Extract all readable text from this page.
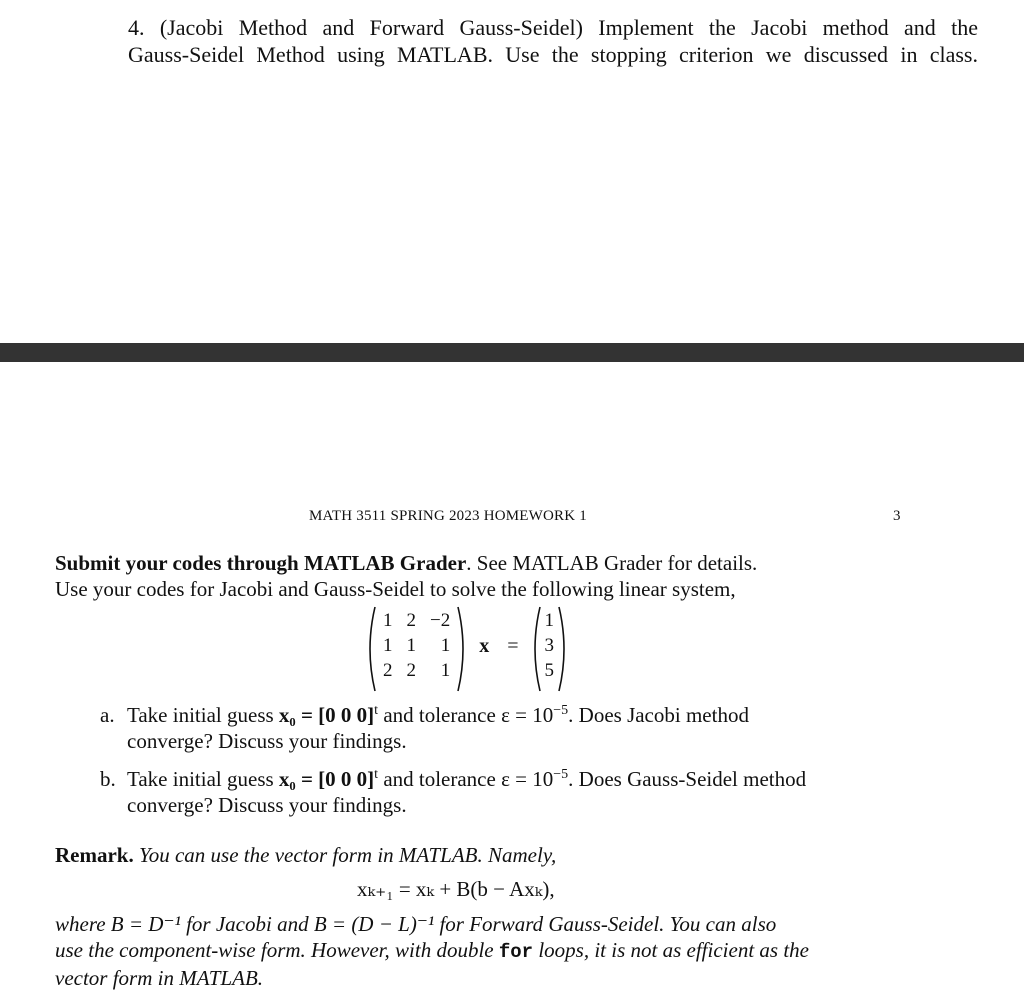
4. (Jacobi Method and Forward Gauss-Seidel) Implement the Jacobi method and the
Gauss-Seidel Method using MATLAB. Use the stopping criterion we discussed in class.
MATH 3511 SPRING 2023 HOMEWORK 1	3
Submit your codes through MATLAB Grader. See MATLAB Grader for details.
Use your codes for Jacobi and Gauss-Seidel to solve the following linear system,
1	2	−2
1	1	1
2	2	1
x =
1
3
5
a. Take initial guess x₀ = [0 0 0]$^t$ and tolerance $\varepsilon = 10^{-5}$. Does Jacobi method
converge? Discuss your findings.
b. Take initial guess x₀ = [0 0 0]$^t$ and tolerance $\varepsilon = 10^{-5}$. Does Gauss-Seidel method
converge? Discuss your findings.
Remark. You can use the vector form in MATLAB. Namely,
xₖ₊₁ = xₖ + B(b − Axₖ),
where B = D⁻¹ for Jacobi and B = (D − L)⁻¹ for Forward Gauss-Seidel. You can also
use the component-wise form. However, with double for loops, it is not as efficient as the
vector form in MATLAB.
